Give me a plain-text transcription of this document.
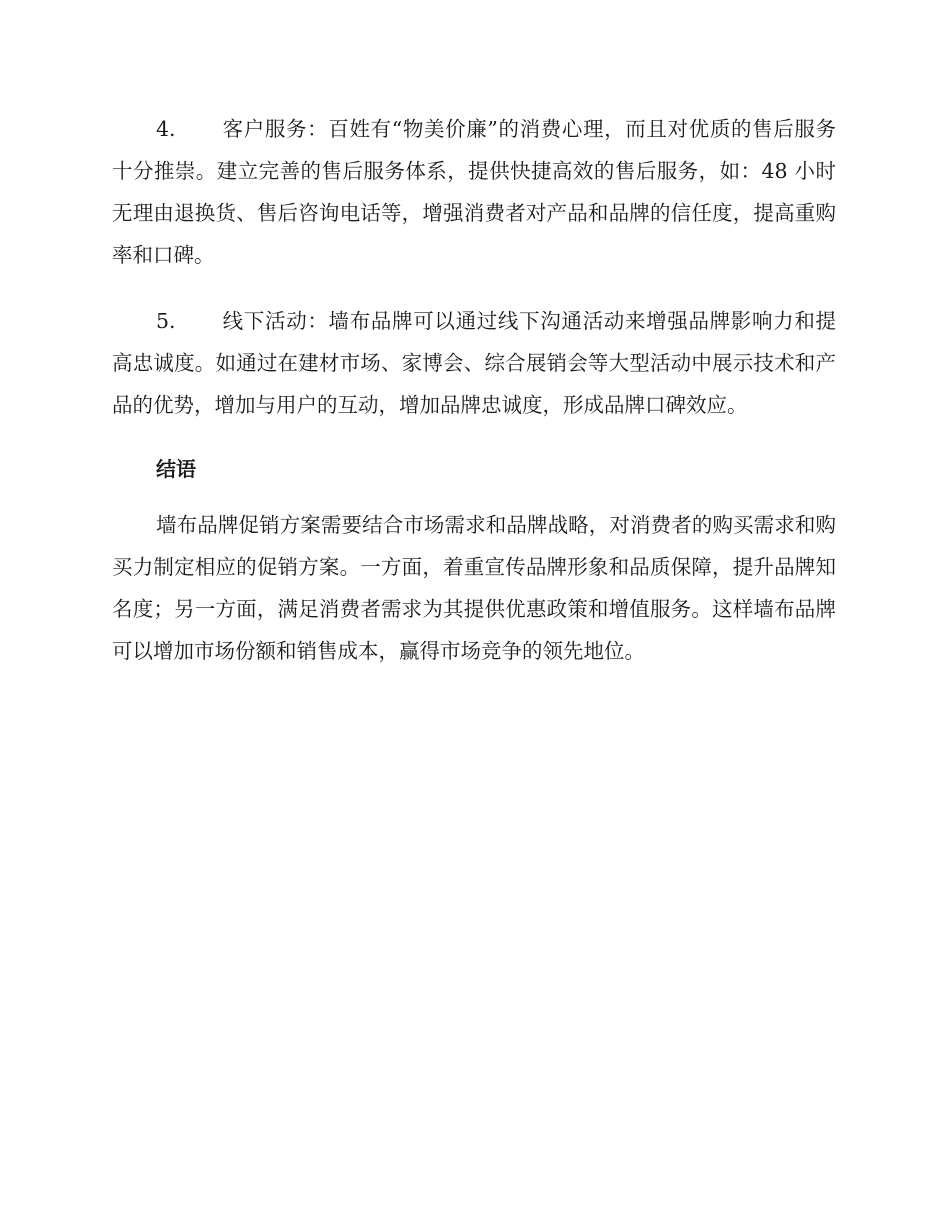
4. 客户服务：百姓有“物美价廉”的消费心理，而且对优质的售后服务十分推崇。建立完善的售后服务体系，提供快捷高效的售后服务，如：48 小时无理由退换货、售后咨询电话等，增强消费者对产品和品牌的信任度，提高重购率和口碑。

5. 线下活动：墙布品牌可以通过线下沟通活动来增强品牌影响力和提高忠诚度。如通过在建材市场、家博会、综合展销会等大型活动中展示技术和产品的优势，增加与用户的互动，增加品牌忠诚度，形成品牌口碑效应。

结语

墙布品牌促销方案需要结合市场需求和品牌战略，对消费者的购买需求和购买力制定相应的促销方案。一方面，着重宣传品牌形象和品质保障，提升品牌知名度；另一方面，满足消费者需求为其提供优惠政策和增值服务。这样墙布品牌可以增加市场份额和销售成本，赢得市场竞争的领先地位。
